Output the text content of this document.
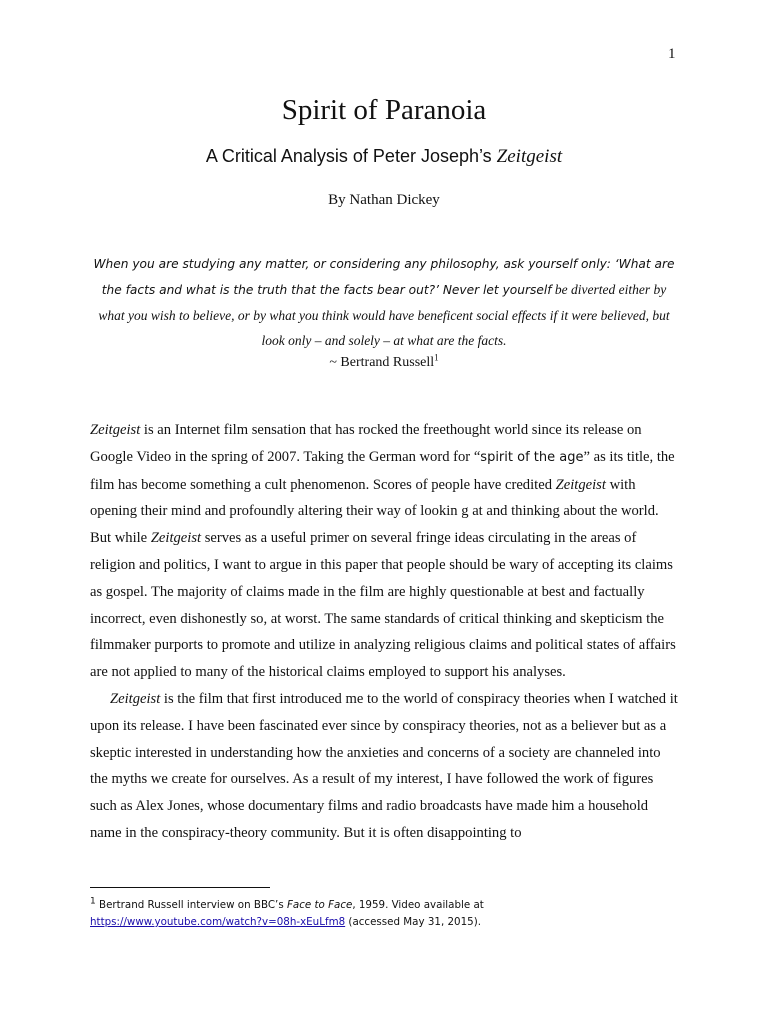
1
Spirit of Paranoia
A Critical Analysis of Peter Joseph’s Zeitgeist
By Nathan Dickey
When you are studying any matter, or considering any philosophy, ask yourself only: ‘What are the facts and what is the truth that the facts bear out?’ Never let yourself be diverted either by what you wish to believe, or by what you think would have beneficent social effects if it were believed, but look only – and solely – at what are the facts.
~ Bertrand Russell$^1$

Zeitgeist is an Internet film sensation that has rocked the freethought world since its release on Google Video in the spring of 2007. Taking the German word for “spirit of the age” as its title, the film has become something a cult phenomenon. Scores of people have credited Zeitgeist with opening their mind and profoundly altering their way of lookin g at and thinking about the world. But while Zeitgeist serves as a useful primer on several fringe ideas circulating in the areas of religion and politics, I want to argue in this paper that people should be wary of accepting its claims as gospel. The majority of claims made in the film are highly questionable at best and factually incorrect, even dishonestly so, at worst. The same standards of critical thinking and skepticism the filmmaker purports to promote and utilize in analyzing religious claims and political states of affairs are not applied to many of the historical claims employed to support his analyses.

Zeitgeist is the film that first introduced me to the world of conspiracy theories when I watched it upon its release. I have been fascinated ever since by conspiracy theories, not as a believer but as a skeptic interested in understanding how the anxieties and concerns of a society are channeled into the myths we create for ourselves. As a result of my interest, I have followed the work of figures such as Alex Jones, whose documentary films and radio broadcasts have made him a household name in the conspiracy-theory community. But it is often disappointing to

$^1$ Bertrand Russell interview on BBC’s Face to Face, 1959. Video available at
https://www.youtube.com/watch?v=08h-xEuLfm8 (accessed May 31, 2015).
